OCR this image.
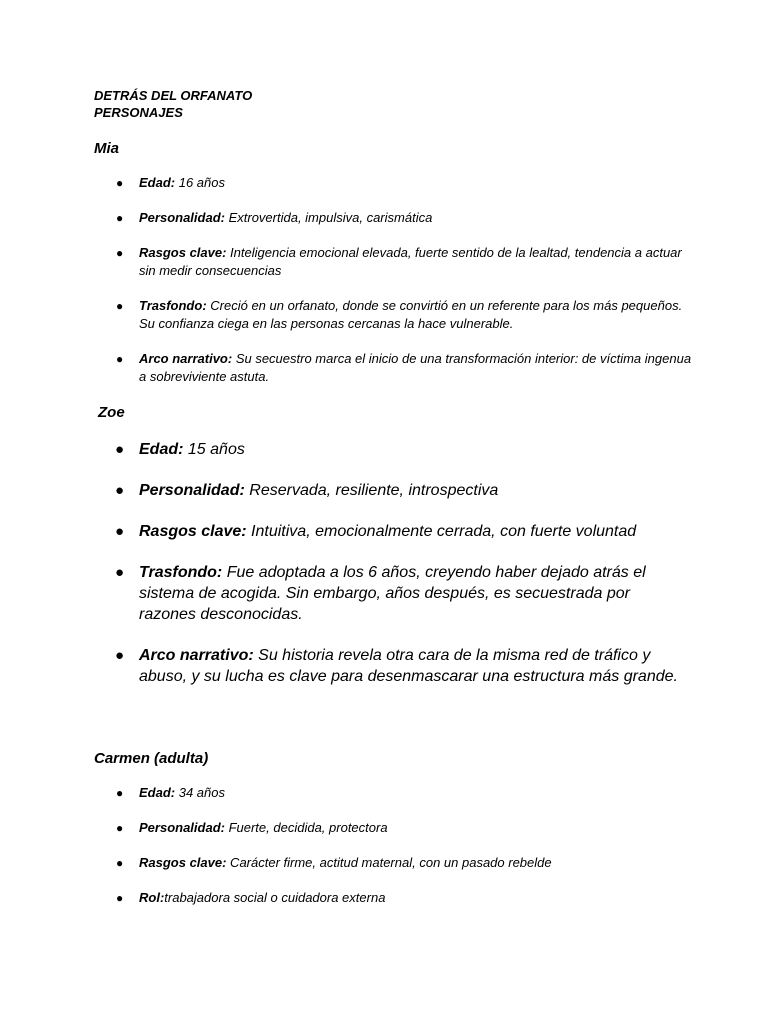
DETRÁS DEL ORFANATO
PERSONAJES
Mia
● Edad: 16 años
● Personalidad: Extrovertida, impulsiva, carismática
● Rasgos clave: Inteligencia emocional elevada, fuerte sentido de la lealtad, tendencia a actuar sin medir consecuencias
● Trasfondo: Creció en un orfanato, donde se convirtió en un referente para los más pequeños. Su confianza ciega en las personas cercanas la hace vulnerable.
● Arco narrativo: Su secuestro marca el inicio de una transformación interior: de víctima ingenua a sobreviviente astuta.
Zoe
● Edad: 15 años
● Personalidad: Reservada, resiliente, introspectiva
● Rasgos clave: Intuitiva, emocionalmente cerrada, con fuerte voluntad
● Trasfondo: Fue adoptada a los 6 años, creyendo haber dejado atrás el sistema de acogida. Sin embargo, años después, es secuestrada por razones desconocidas.
● Arco narrativo: Su historia revela otra cara de la misma red de tráfico y abuso, y su lucha es clave para desenmascarar una estructura más grande.
Carmen (adulta)
● Edad: 34 años
● Personalidad: Fuerte, decidida, protectora
● Rasgos clave: Carácter firme, actitud maternal, con un pasado rebelde
● Rol:trabajadora social o cuidadora externa
